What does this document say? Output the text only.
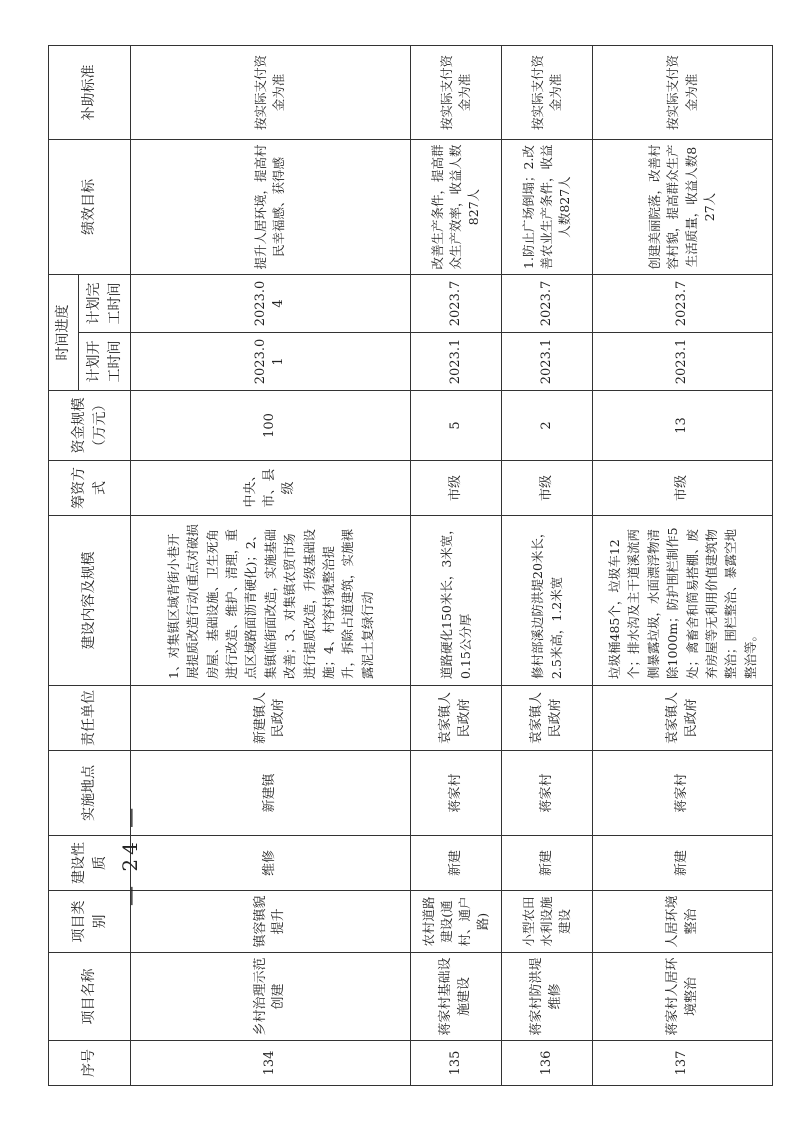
序号	项目名称	项目类别	建设性质	实施地点	责任单位	建设内容及规模	筹资方式	资金规模（万元）	时间进度		绩效目标	补助标准
									计划开工时间	计划完工时间		
134	乡村治理示范创建	镇容镇貌提升	维修	新建镇	新建镇人民政府	1、对集镇区域背街小巷开展提质改造行动(重点对破损房屋、基础设施、卫生死角进行改造、维护、清理，重点区域路面沥青硬化)；2、集镇临街面改造，实施基础改善；3、对集镇农贸市场进行提质改造，升级基础设施；4、村容村貌整治提升，拆除占道建筑，实施裸露泥土复绿行动	中央、市、县级	100	2023.01	2023.04	提升人居环境，提高村民幸福感、获得感	按实际支付资金为准
135	蒋家村基础设施建设	农村道路建设(通村、通户路)	新建	蒋家村	袁家镇人民政府	道路硬化150米长，3米宽，0.15公分厚	市级	5	2023.1	2023.7	改善生产条件，提高群众生产效率，收益人数827人	按实际支付资金为准
136	蒋家村防洪堤维修	小型农田水利设施建设	新建	蒋家村	袁家镇人民政府	修村部溪边防洪堤20米长，2.5米高，1.2米宽	市级	2	2023.1	2023.7	1.防止广场倒塌；2.改善农业生产条件，收益人数827人	按实际支付资金为准
137	蒋家村人居环境整治	人居环境整治	新建	蒋家村	袁家镇人民政府	垃圾桶485个，垃圾车12个；排水沟及主干道溪流两侧暴露垃圾，水面漂浮物清除1000m；防护围栏制作5处；禽畜舍和简易搭棚、废弃房屋等无利用价值建筑物整治；围栏整治、暴露空地整治等。	市级	13	2023.1	2023.7	创建美丽院落，改善村容村貌，提高群众生产生活质量，收益人数827人	按实际支付资金为准
— 24 —
